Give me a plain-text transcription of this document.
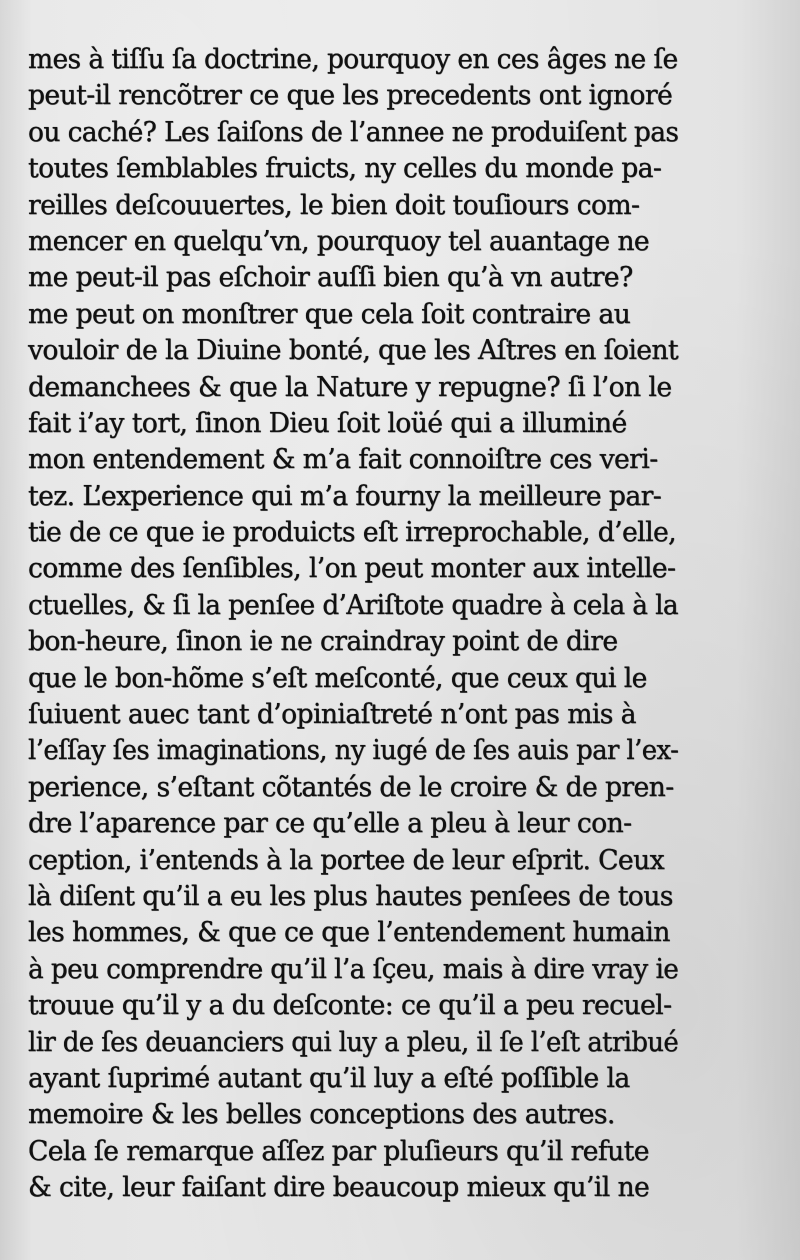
mes à tiſſu ſa doctrine, pourquoy en ces âges ne ſe
peut-il rencõtrer ce que les precedents ont ignoré
ou caché? Les ſaiſons de l’annee ne produiſent pas
toutes ſemblables fruicts, ny celles du monde pa-
reilles deſcouuertes, le bien doit touſiours com-
mencer en quelqu’vn, pourquoy tel auantage ne
me peut-il pas eſchoir auſſi bien qu’à vn autre?
me peut on monſtrer que cela ſoit contraire au
vouloir de la Diuine bonté, que les Aſtres en ſoient
demanchees & que la Nature y repugne? ſi l’on le
fait i’ay tort, ſinon Dieu ſoit loüé qui a illuminé
mon entendement & m’a fait connoiſtre ces veri-
tez. L’experience qui m’a fourny la meilleure par-
tie de ce que ie produicts eſt irreprochable, d’elle,
comme des ſenſibles, l’on peut monter aux intelle-
ctuelles, & ſi la penſee d’Ariſtote quadre à cela à la
bon-heure, ſinon ie ne craindray point de dire
que le bon-hõme s’eſt meſconté, que ceux qui le
ſuiuent auec tant d’opiniaſtreté n’ont pas mis à
l’eſſay ſes imaginations, ny iugé de ſes auis par l’ex-
perience, s’eſtant cõtantés de le croire & de pren-
dre l’aparence par ce qu’elle a pleu à leur con-
ception, i’entends à la portee de leur eſprit. Ceux
là diſent qu’il a eu les plus hautes penſees de tous
les hommes, & que ce que l’entendement humain
à peu comprendre qu’il l’a ſçeu, mais à dire vray ie
trouue qu’il y a du deſconte: ce qu’il a peu recuel-
lir de ſes deuanciers qui luy a pleu, il ſe l’eſt atribué
ayant ſuprimé autant qu’il luy a eſté poſſible la
memoire & les belles conceptions des autres.
Cela ſe remarque aſſez par pluſieurs qu’il refute
& cite, leur faiſant dire beaucoup mieux qu’il ne
